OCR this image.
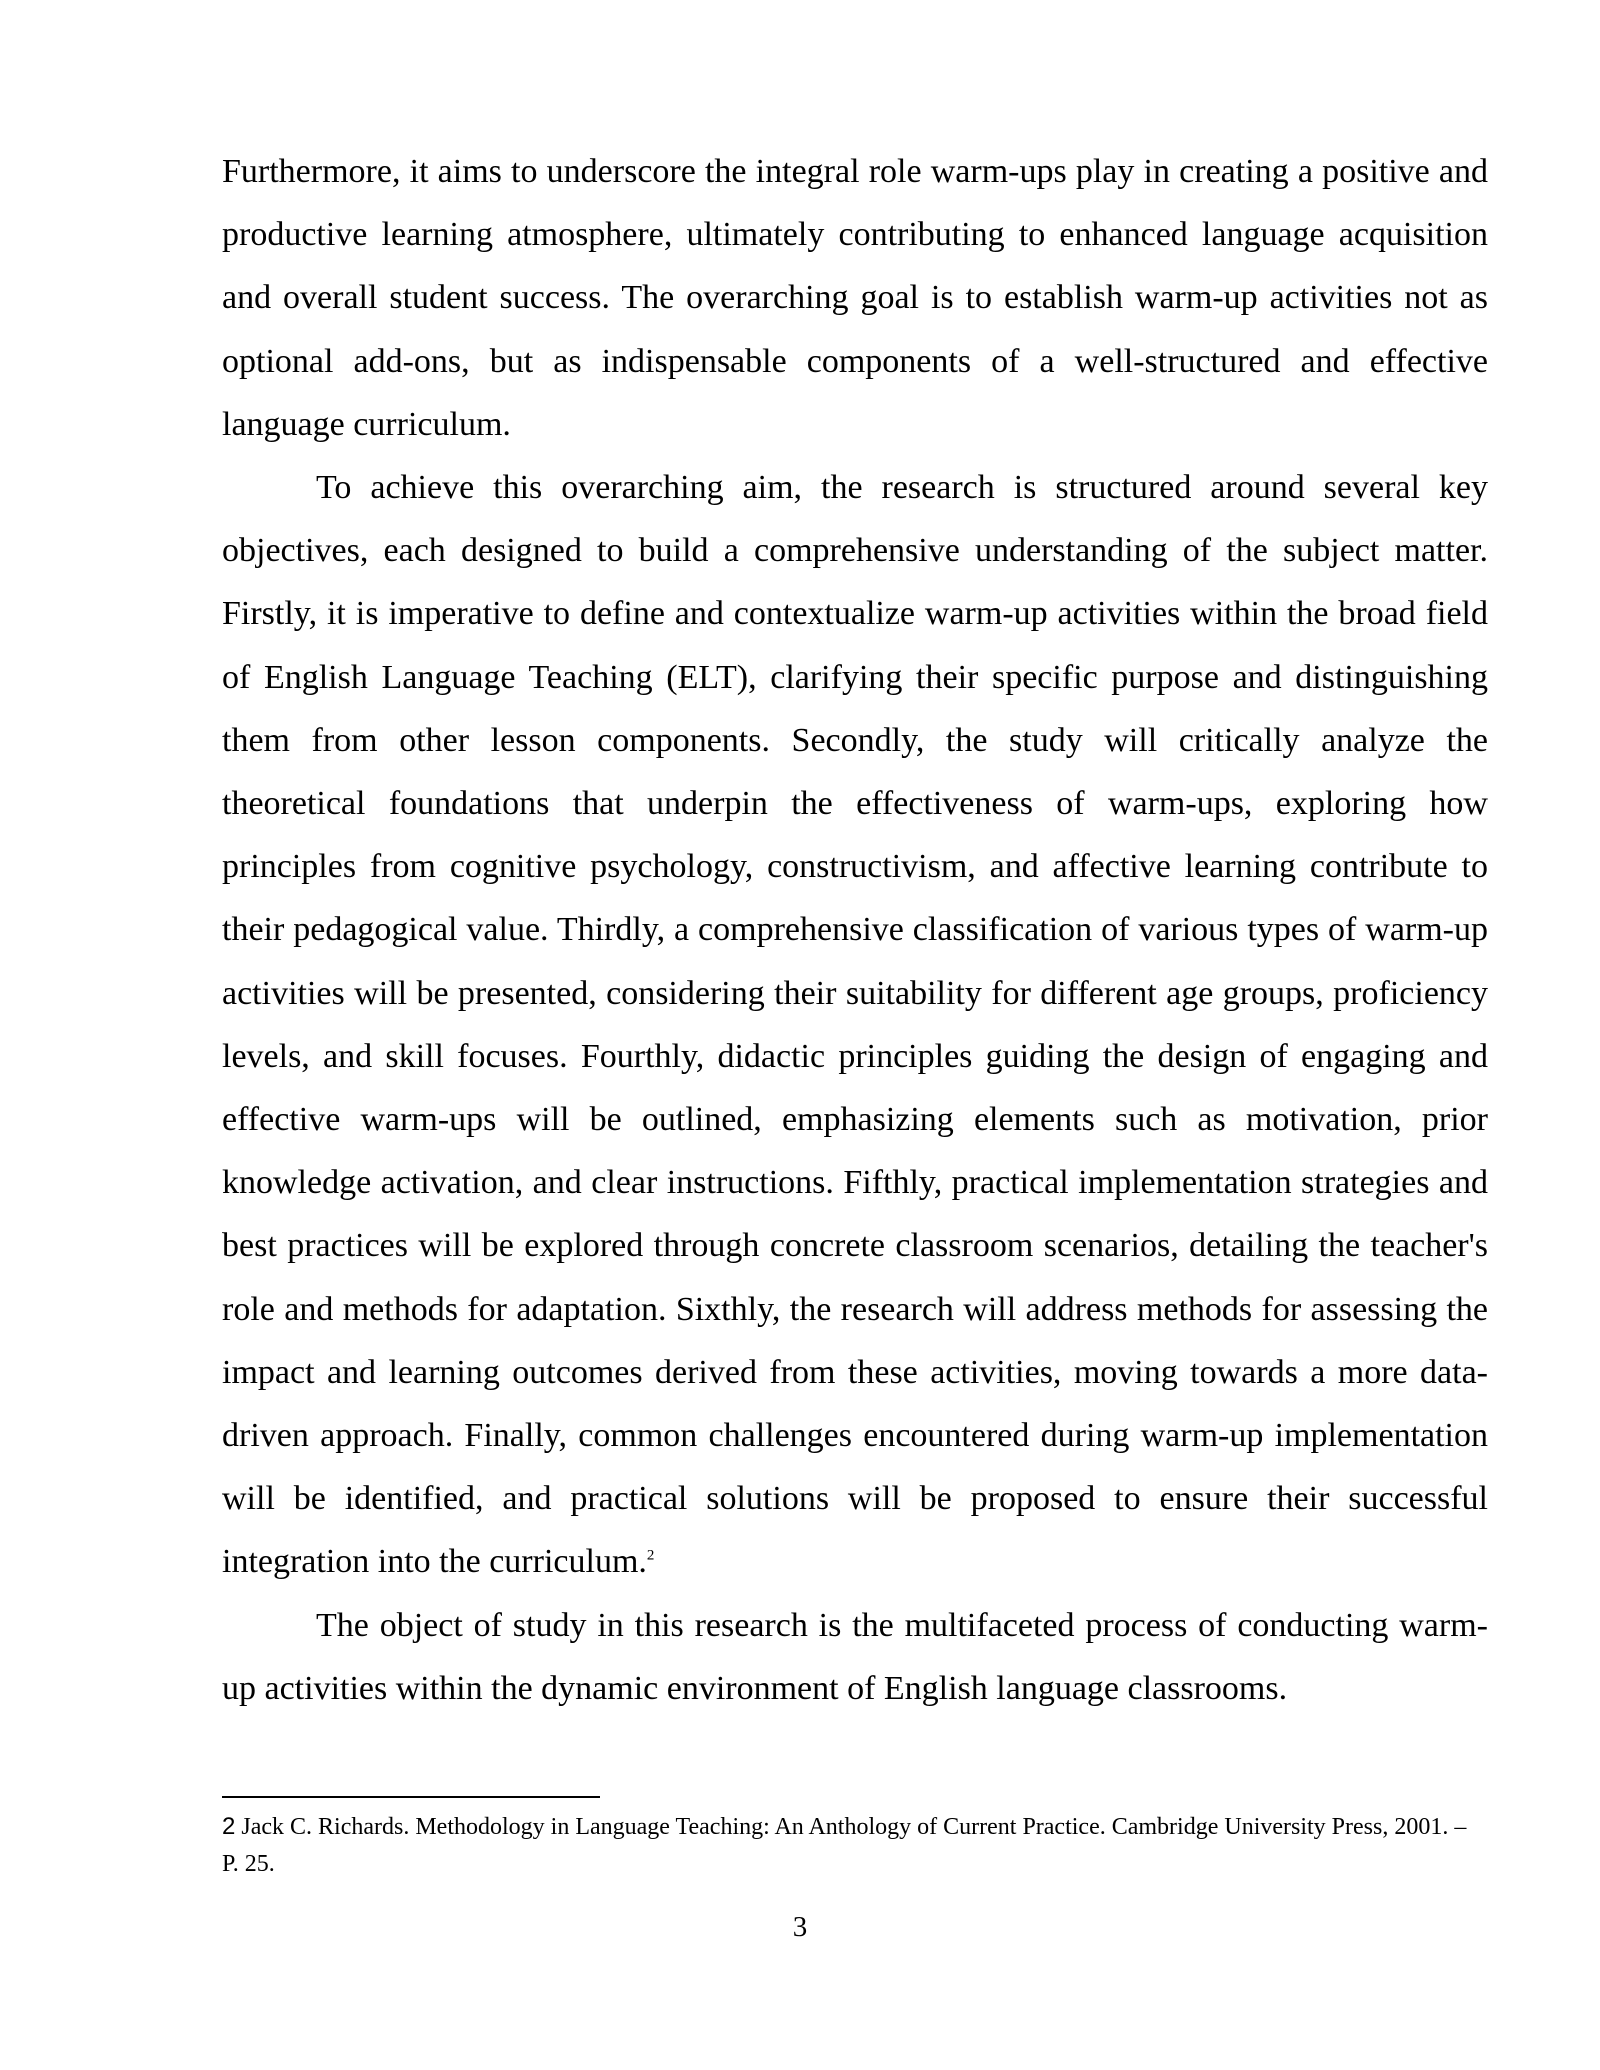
Furthermore, it aims to underscore the integral role warm-ups play in creating a positive and productive learning atmosphere, ultimately contributing to enhanced language acquisition and overall student success. The overarching goal is to establish warm-up activities not as optional add-ons, but as indispensable components of a well-structured and effective language curriculum.

To achieve this overarching aim, the research is structured around several key objectives, each designed to build a comprehensive understanding of the subject matter. Firstly, it is imperative to define and contextualize warm-up activities within the broad field of English Language Teaching (ELT), clarifying their specific purpose and distinguishing them from other lesson components. Secondly, the study will critically analyze the theoretical foundations that underpin the effectiveness of warm-ups, exploring how principles from cognitive psychology, constructivism, and affective learning contribute to their pedagogical value. Thirdly, a comprehensive classification of various types of warm-up activities will be presented, considering their suitability for different age groups, proficiency levels, and skill focuses. Fourthly, didactic principles guiding the design of engaging and effective warm-ups will be outlined, emphasizing elements such as motivation, prior knowledge activation, and clear instructions. Fifthly, practical implementation strategies and best practices will be explored through concrete classroom scenarios, detailing the teacher's role and methods for adaptation. Sixthly, the research will address methods for assessing the impact and learning outcomes derived from these activities, moving towards a more data-driven approach. Finally, common challenges encountered during warm-up implementation will be identified, and practical solutions will be proposed to ensure their successful integration into the curriculum.$^2$

The object of study in this research is the multifaceted process of conducting warm-up activities within the dynamic environment of English language classrooms.

2 Jack C. Richards. Methodology in Language Teaching: An Anthology of Current Practice. Cambridge University Press, 2001. – P. 25.

3
